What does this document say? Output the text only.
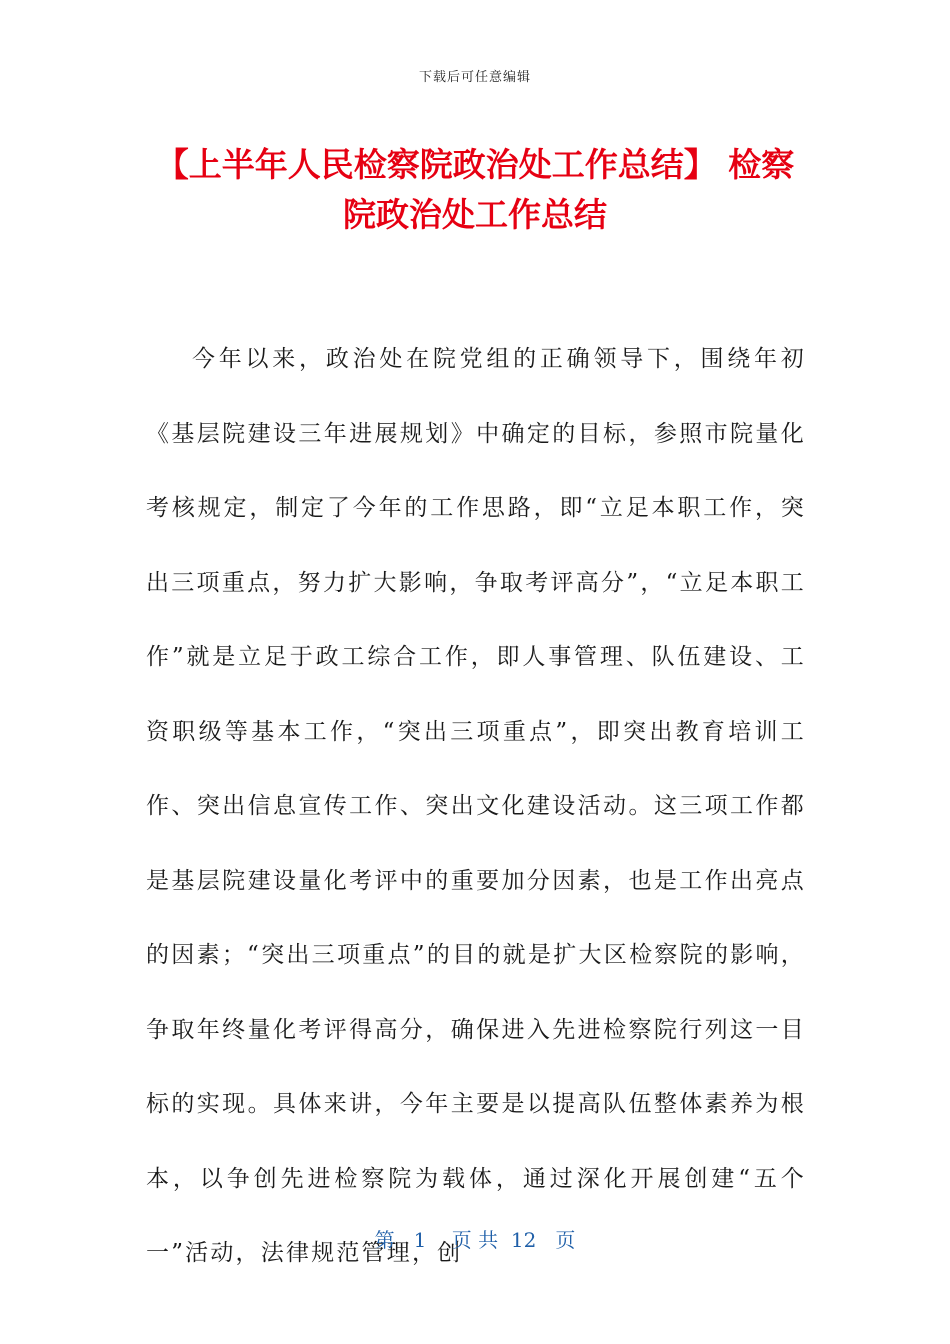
下载后可任意编辑
【上半年人民检察院政治处工作总结】 检察院政治处工作总结

今年以来，政治处在院党组的正确领导下，围绕年初《基层院建设三年进展规划》中确定的目标，参照市院量化考核规定，制定了今年的工作思路，即“立足本职工作，突出三项重点，努力扩大影响，争取考评高分”，“立足本职工作”就是立足于政工综合工作，即人事管理、队伍建设、工资职级等基本工作，“突出三项重点”，即突出教育培训工作、突出信息宣传工作、突出文化建设活动。这三项工作都是基层院建设量化考评中的重要加分因素，也是工作出亮点的因素；“突出三项重点”的目的就是扩大区检察院的影响，争取年终量化考评得高分，确保进入先进检察院行列这一目标的实现。具体来讲，今年主要是以提高队伍整体素养为根本，以争创先进检察院为载体，通过深化开展创建“五个一”活动，法律规范管理，创

第   1    页 共  12   页
